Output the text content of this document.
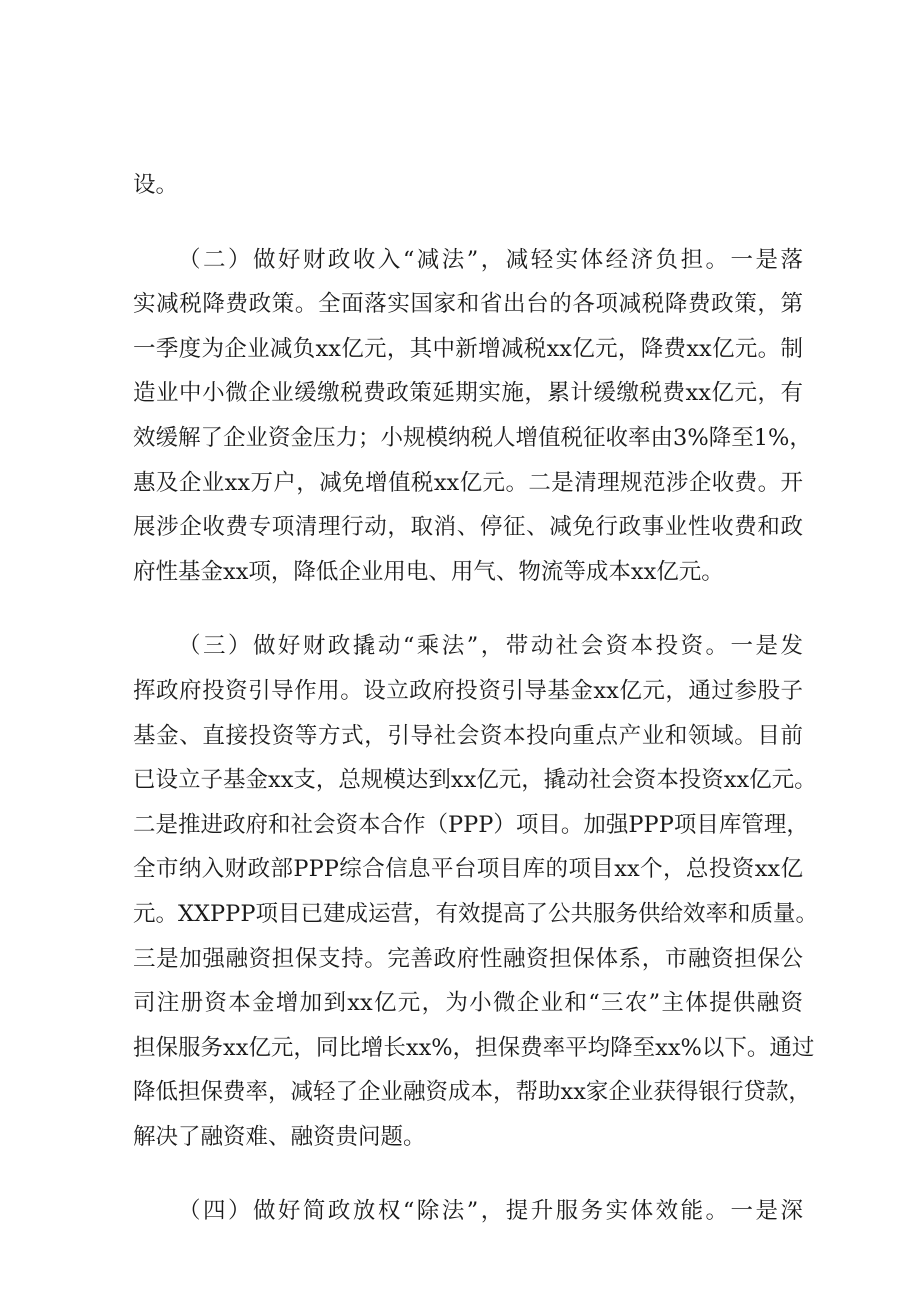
设。
（二）做好财政收入“减法”，减轻实体经济负担。一是落
实减税降费政策。全面落实国家和省出台的各项减税降费政策，第
一季度为企业减负xx亿元，其中新增减税xx亿元，降费xx亿元。制
造业中小微企业缓缴税费政策延期实施，累计缓缴税费xx亿元，有
效缓解了企业资金压力；小规模纳税人增值税征收率由3%降至1%，
惠及企业xx万户，减免增值税xx亿元。二是清理规范涉企收费。开
展涉企收费专项清理行动，取消、停征、减免行政事业性收费和政
府性基金xx项，降低企业用电、用气、物流等成本xx亿元。
（三）做好财政撬动“乘法”，带动社会资本投资。一是发
挥政府投资引导作用。设立政府投资引导基金xx亿元，通过参股子
基金、直接投资等方式，引导社会资本投向重点产业和领域。目前
已设立子基金xx支，总规模达到xx亿元，撬动社会资本投资xx亿元。
二是推进政府和社会资本合作（PPP）项目。加强PPP项目库管理，
全市纳入财政部PPP综合信息平台项目库的项目xx个，总投资xx亿
元。XXPPP项目已建成运营，有效提高了公共服务供给效率和质量。
三是加强融资担保支持。完善政府性融资担保体系，市融资担保公
司注册资本金增加到xx亿元，为小微企业和“三农”主体提供融资
担保服务xx亿元，同比增长xx%，担保费率平均降至xx%以下。通过
降低担保费率，减轻了企业融资成本，帮助xx家企业获得银行贷款，
解决了融资难、融资贵问题。
（四）做好简政放权“除法”，提升服务实体效能。一是深
